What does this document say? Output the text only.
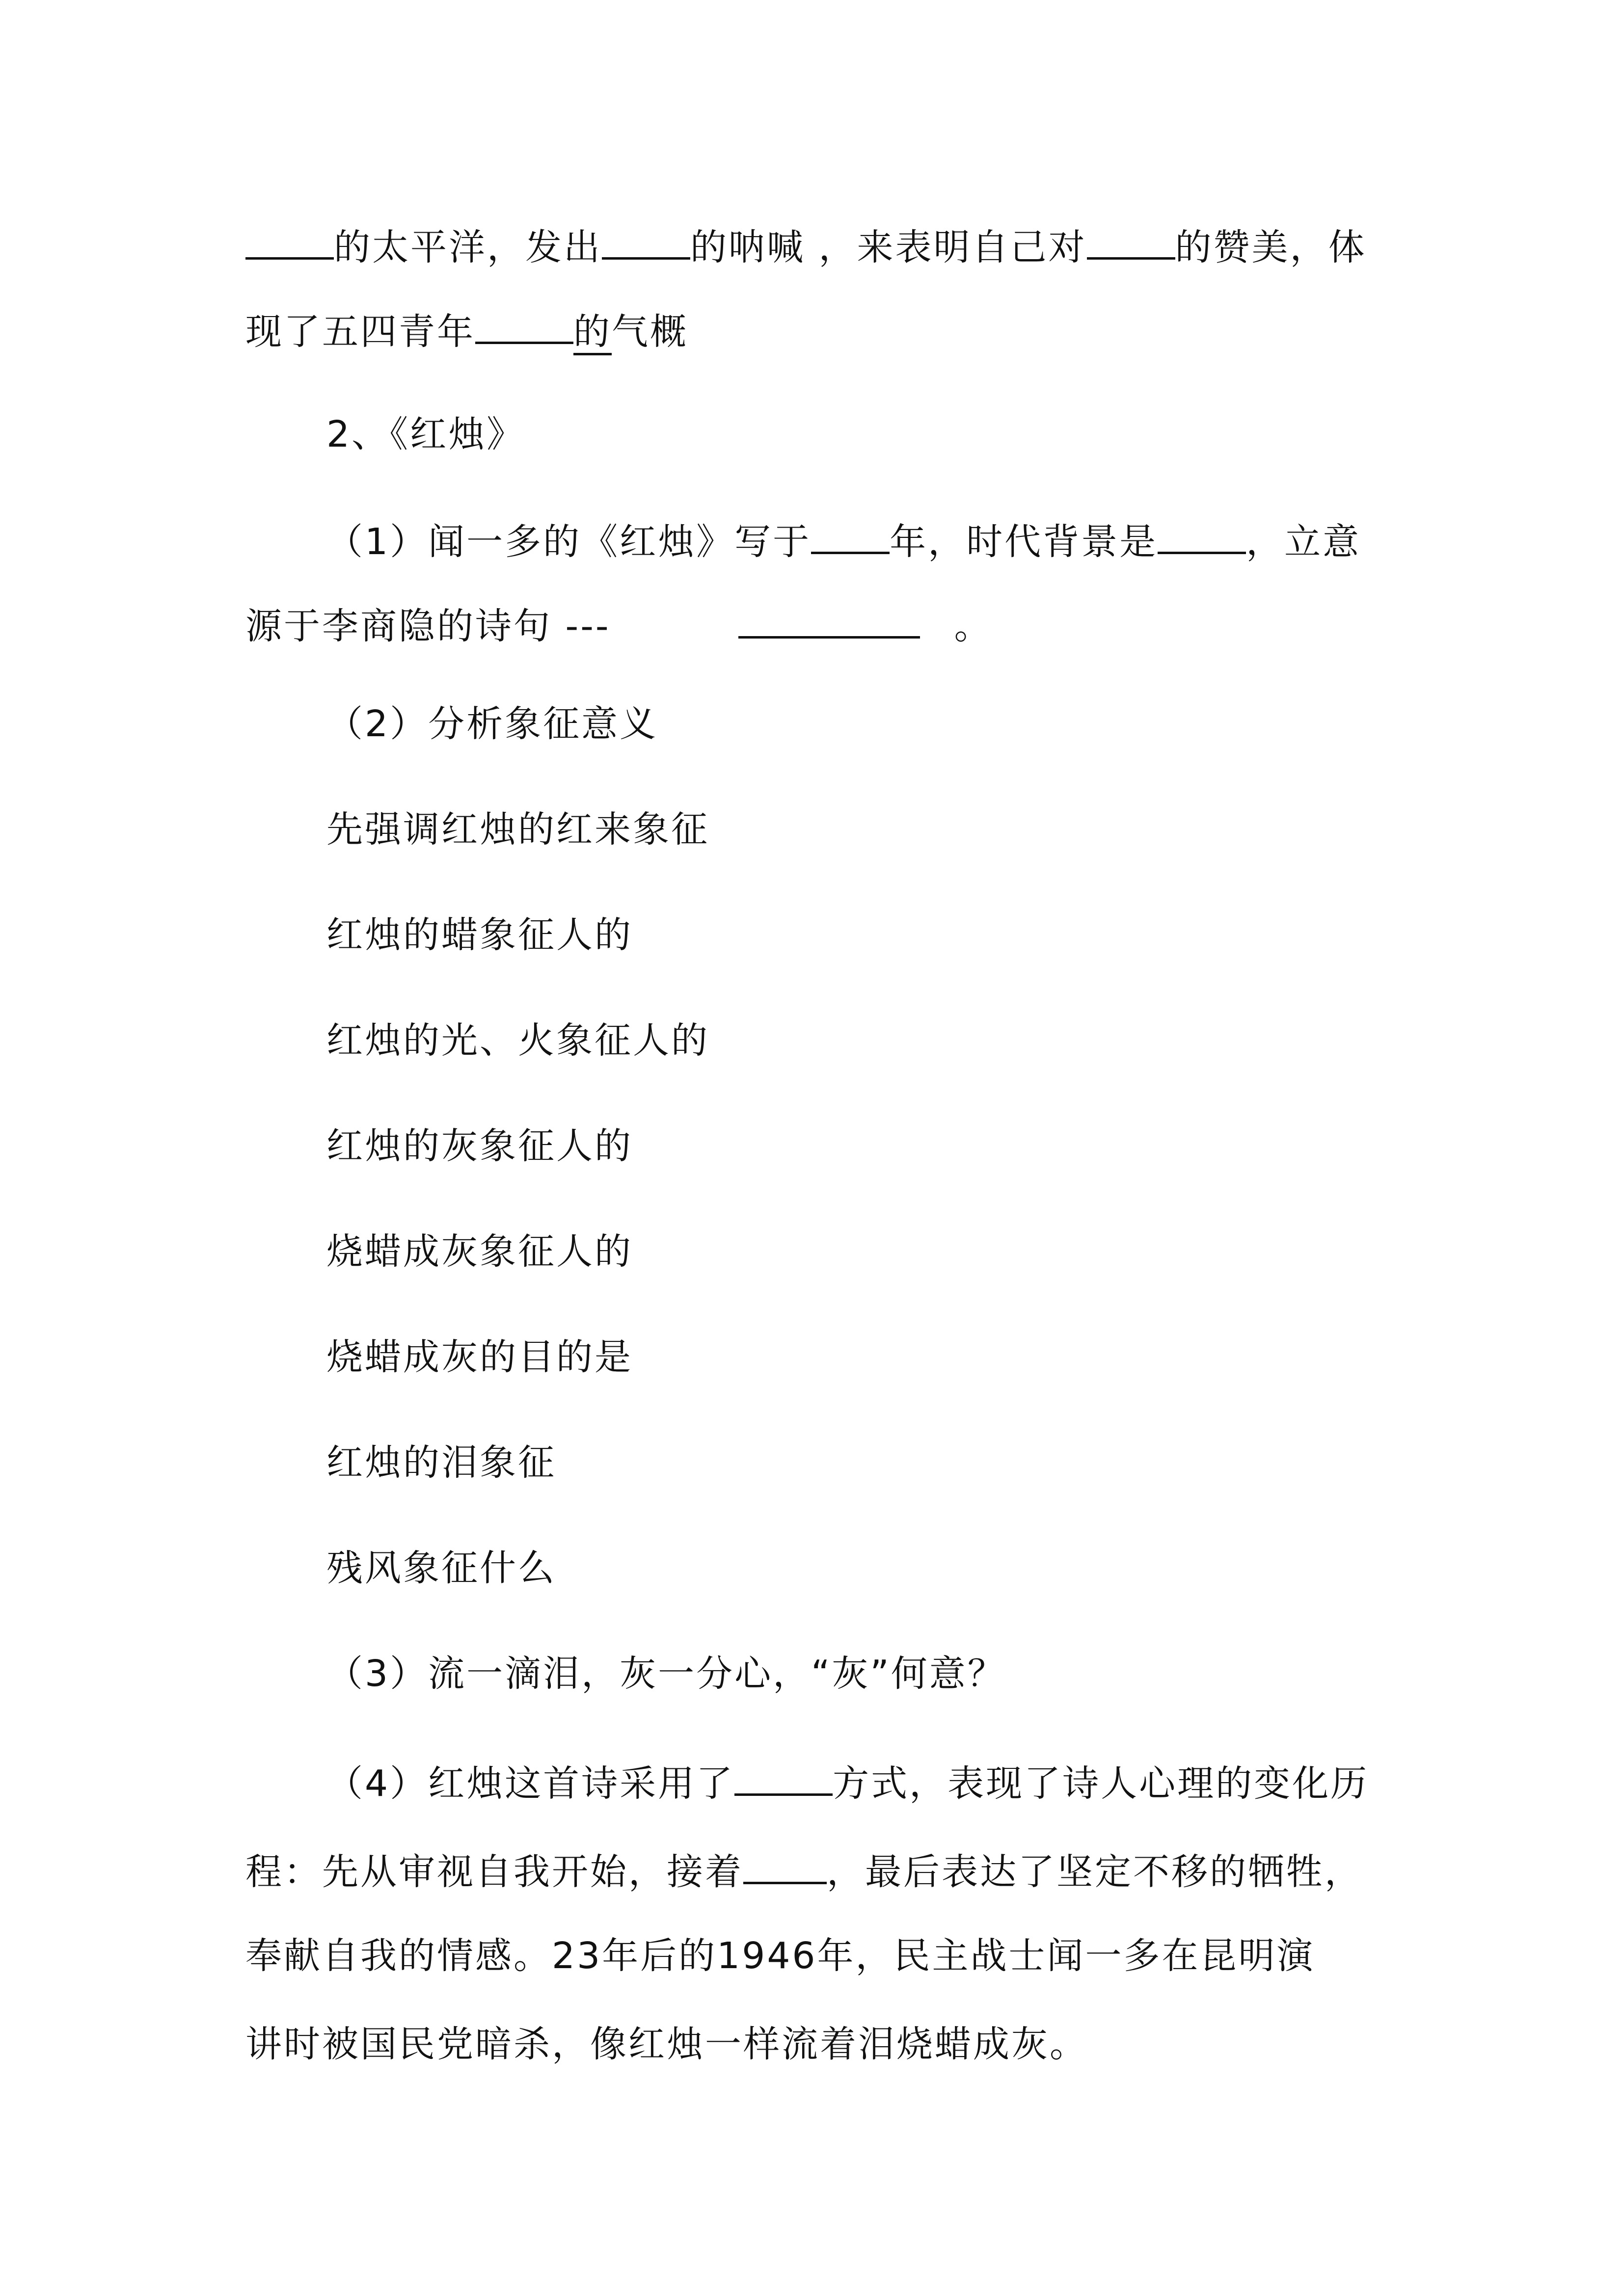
的太平洋，发出 的呐喊 ，来表明自己对 的赞美，体
现了五四青年	的气概
2、《红烛》
（1）闻一多的《红烛》写于 年，时代背景是 ，立意
源于李商隐的诗句 ---	。
（2）分析象征意义
先强调红烛的红来象征
红烛的蜡象征人的
红烛的光、火象征人的
红烛的灰象征人的
烧蜡成灰象征人的
烧蜡成灰的目的是
红烛的泪象征
残风象征什么
（3）流一滴泪，灰一分心，“灰”何意？
（4）红烛这首诗采用了	方式，表现了诗人心理的变化历
程：先从审视自我开始，接着 ，最后表达了坚定不移的牺牲，
奉献自我的情感。23年后的1946年，民主战士闻一多在昆明演
讲时被国民党暗杀，像红烛一样流着泪烧蜡成灰。
